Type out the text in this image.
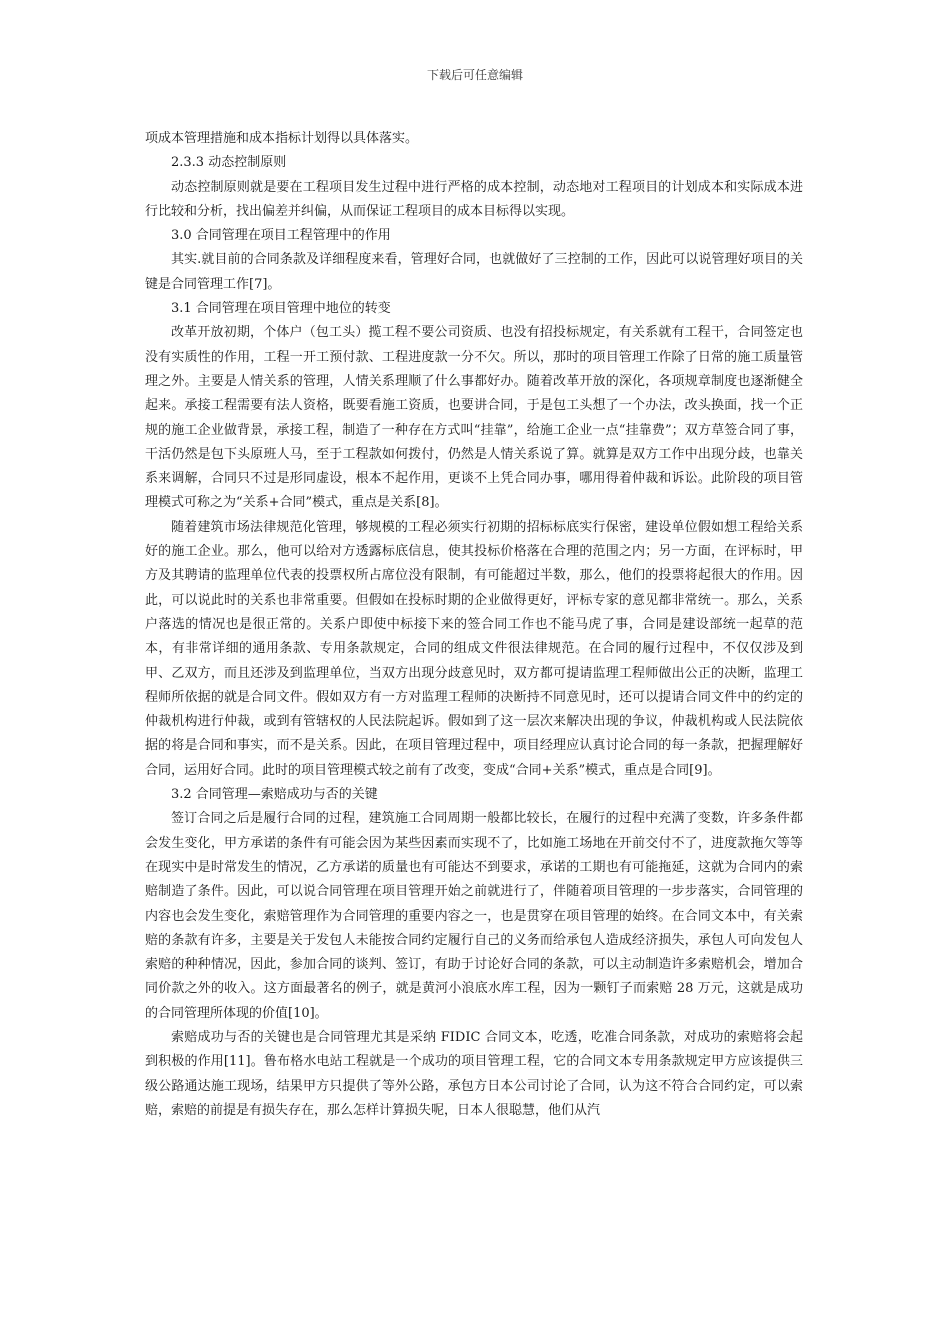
下载后可任意编辑

项成本管理措施和成本指标计划得以具体落实。

2.3.3 动态控制原则

动态控制原则就是要在工程项目发生过程中进行严格的成本控制，动态地对工程项目的计划成本和实际成本进行比较和分析，找出偏差并纠偏，从而保证工程项目的成本目标得以实现。

3.0 合同管理在项目工程管理中的作用

其实.就目前的合同条款及详细程度来看，管理好合同，也就做好了三控制的工作，因此可以说管理好项目的关键是合同管理工作[7]。

3.1 合同管理在项目管理中地位的转变

改革开放初期，个体户（包工头）揽工程不要公司资质、也没有招投标规定，有关系就有工程干，合同签定也没有实质性的作用，工程一开工预付款、工程进度款一分不欠。所以，那时的项目管理工作除了日常的施工质量管理之外。主要是人情关系的管理，人情关系理顺了什么事都好办。随着改革开放的深化，各项规章制度也逐渐健全起来。承接工程需要有法人资格，既要看施工资质，也要讲合同，于是包工头想了一个办法，改头换面，找一个正规的施工企业做背景，承接工程，制造了一种存在方式叫“挂靠”，给施工企业一点“挂靠费”；双方草签合同了事，干活仍然是包下头原班人马，至于工程款如何拨付，仍然是人情关系说了算。就算是双方工作中出现分歧，也靠关系来调解，合同只不过是形同虚设，根本不起作用，更谈不上凭合同办事，哪用得着仲裁和诉讼。此阶段的项目管理模式可称之为“关系+合同”模式，重点是关系[8]。

随着建筑市场法律规范化管理，够规模的工程必须实行初期的招标标底实行保密，建设单位假如想工程给关系好的施工企业。那么，他可以给对方透露标底信息，使其投标价格落在合理的范围之内；另一方面，在评标时，甲方及其聘请的监理单位代表的投票权所占席位没有限制，有可能超过半数，那么，他们的投票将起很大的作用。因此，可以说此时的关系也非常重要。但假如在投标时期的企业做得更好，评标专家的意见都非常统一。那么，关系户落选的情况也是很正常的。关系户即使中标接下来的签合同工作也不能马虎了事，合同是建设部统一起草的范本，有非常详细的通用条款、专用条款规定，合同的组成文件很法律规范。在合同的履行过程中，不仅仅涉及到甲、乙双方，而且还涉及到监理单位，当双方出现分歧意见时，双方都可提请监理工程师做出公正的决断，监理工程师所依据的就是合同文件。假如双方有一方对监理工程师的决断持不同意见时，还可以提请合同文件中的约定的仲裁机构进行仲裁，或到有管辖权的人民法院起诉。假如到了这一层次来解决出现的争议，仲裁机构或人民法院依据的将是合同和事实，而不是关系。因此，在项目管理过程中，项目经理应认真讨论合同的每一条款，把握理解好合同，运用好合同。此时的项目管理模式较之前有了改变，变成“合同+关系”模式，重点是合同[9]。

3.2 合同管理—索赔成功与否的关键

签订合同之后是履行合同的过程，建筑施工合同周期一般都比较长，在履行的过程中充满了变数，许多条件都会发生变化，甲方承诺的条件有可能会因为某些因素而实现不了，比如施工场地在开前交付不了，进度款拖欠等等在现实中是时常发生的情况，乙方承诺的质量也有可能达不到要求，承诺的工期也有可能拖延，这就为合同内的索赔制造了条件。因此，可以说合同管理在项目管理开始之前就进行了，伴随着项目管理的一步步落实，合同管理的内容也会发生变化，索赔管理作为合同管理的重要内容之一，也是贯穿在项目管理的始终。在合同文本中，有关索赔的条款有许多，主要是关于发包人未能按合同约定履行自己的义务而给承包人造成经济损失，承包人可向发包人索赔的种种情况，因此，参加合同的谈判、签订，有助于讨论好合同的条款，可以主动制造许多索赔机会，增加合同价款之外的收入。这方面最著名的例子，就是黄河小浪底水库工程，因为一颗钉子而索赔 28 万元，这就是成功的合同管理所体现的价值[10]。

索赔成功与否的关键也是合同管理尤其是采纳 FIDIC 合同文本，吃透，吃准合同条款，对成功的索赔将会起到积极的作用[11]。鲁布格水电站工程就是一个成功的项目管理工程，它的合同文本专用条款规定甲方应该提供三级公路通达施工现场，结果甲方只提供了等外公路，承包方日本公司讨论了合同，认为这不符合合同约定，可以索赔，索赔的前提是有损失存在，那么怎样计算损失呢，日本人很聪慧，他们从汽
